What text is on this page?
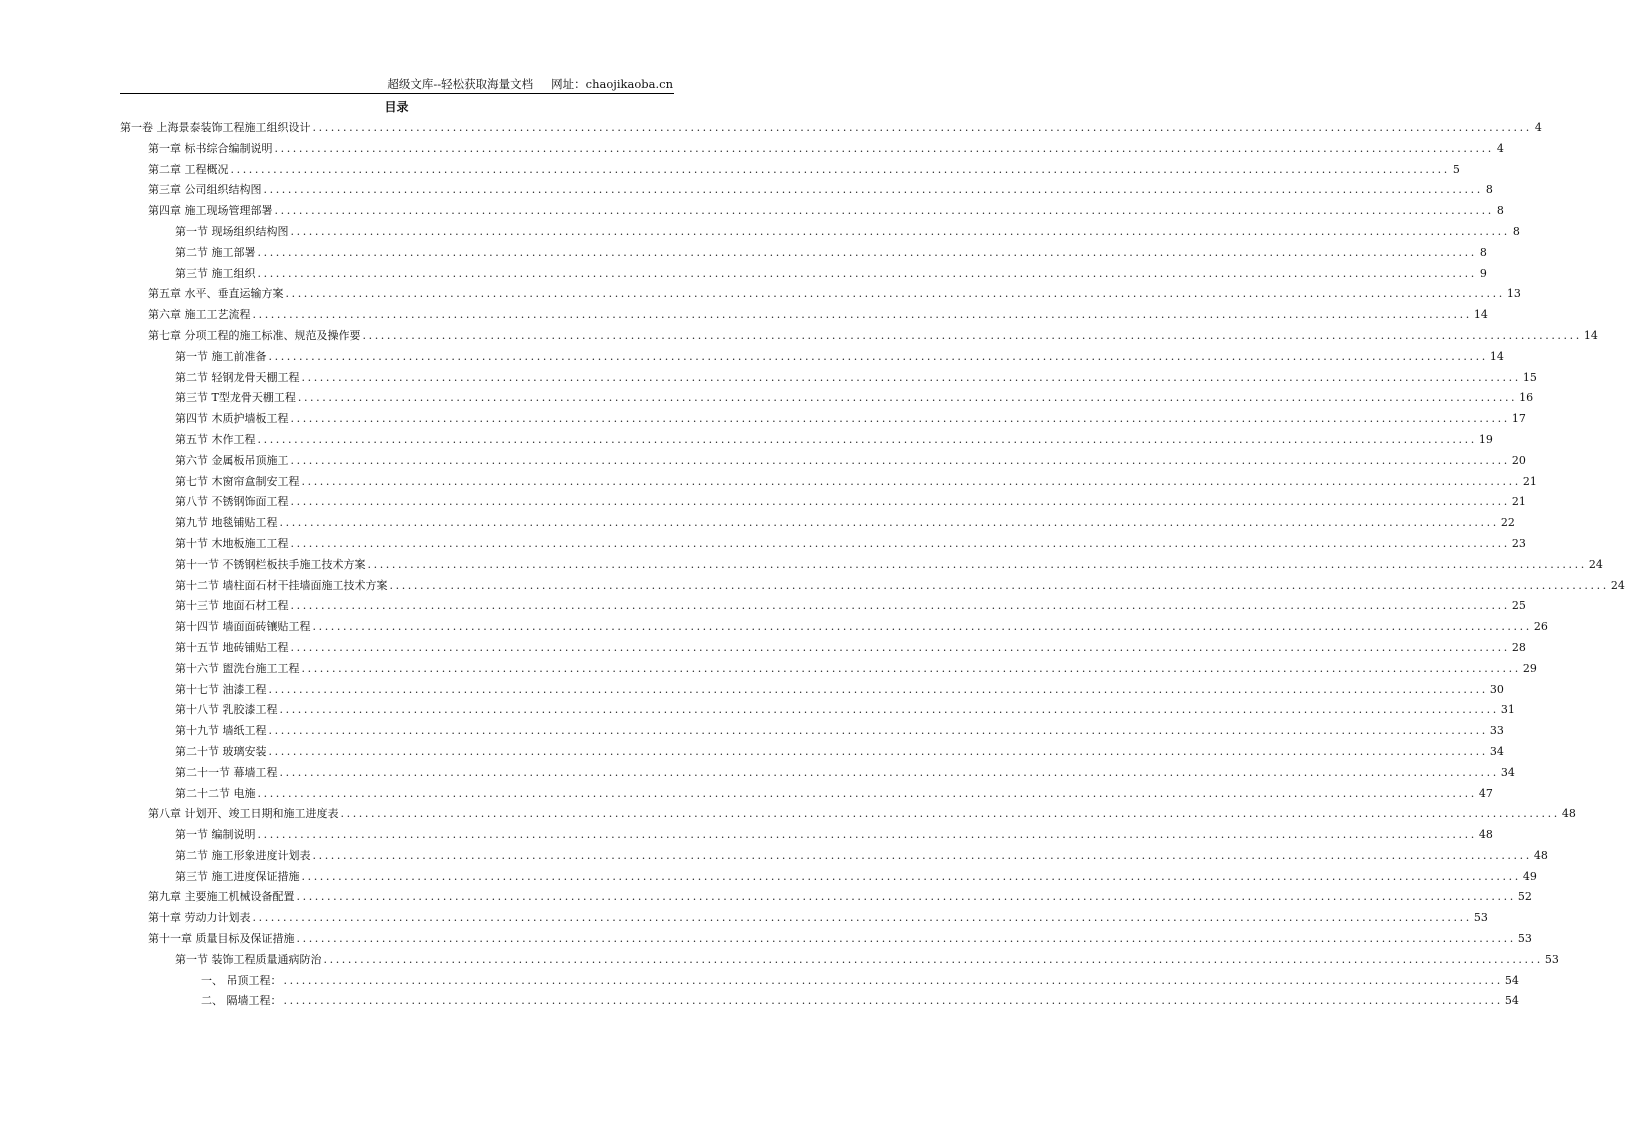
超级文库--轻松获取海量文档 网址：chaojikaoba.cn
目录
第一卷 上海景泰装饰工程施工组织设计 ........................................................................................................................................................................................................ 4
第一章 标书综合编制说明 ........................................................................................................................................................................................................ 4
第二章 工程概况 ........................................................................................................................................................................................................ 5
第三章 公司组织结构图 ........................................................................................................................................................................................................ 8
第四章 施工现场管理部署 ........................................................................................................................................................................................................ 8
第一节 现场组织结构图 ........................................................................................................................................................................................................ 8
第二节 施工部署 ........................................................................................................................................................................................................ 8
第三节 施工组织 ........................................................................................................................................................................................................ 9
第五章 水平、垂直运输方案 ........................................................................................................................................................................................................ 13
第六章 施工工艺流程 ........................................................................................................................................................................................................ 14
第七章 分项工程的施工标准、规范及操作要 ........................................................................................................................................................................................................ 14
第一节 施工前准备 ........................................................................................................................................................................................................ 14
第二节 轻钢龙骨天棚工程 ........................................................................................................................................................................................................ 15
第三节 T型龙骨天棚工程 ........................................................................................................................................................................................................ 16
第四节 木质护墙板工程 ........................................................................................................................................................................................................ 17
第五节 木作工程 ........................................................................................................................................................................................................ 19
第六节 金属板吊顶施工 ........................................................................................................................................................................................................ 20
第七节 木窗帘盒制安工程 ........................................................................................................................................................................................................ 21
第八节 不锈钢饰面工程 ........................................................................................................................................................................................................ 21
第九节 地毯铺贴工程 ........................................................................................................................................................................................................ 22
第十节 木地板施工工程 ........................................................................................................................................................................................................ 23
第十一节 不锈钢栏板扶手施工技术方案 ........................................................................................................................................................................................................ 24
第十二节 墙柱面石材干挂墙面施工技术方案 ........................................................................................................................................................................................................ 24
第十三节 地面石材工程 ........................................................................................................................................................................................................ 25
第十四节 墙面面砖镶贴工程 ........................................................................................................................................................................................................ 26
第十五节 地砖铺贴工程 ........................................................................................................................................................................................................ 28
第十六节 盥洗台施工工程 ........................................................................................................................................................................................................ 29
第十七节 油漆工程 ........................................................................................................................................................................................................ 30
第十八节 乳胶漆工程 ........................................................................................................................................................................................................ 31
第十九节 墙纸工程 ........................................................................................................................................................................................................ 33
第二十节 玻璃安装 ........................................................................................................................................................................................................ 34
第二十一节 幕墙工程 ........................................................................................................................................................................................................ 34
第二十二节 电施 ........................................................................................................................................................................................................ 47
第八章 计划开、竣工日期和施工进度表 ........................................................................................................................................................................................................ 48
第一节 编制说明 ........................................................................................................................................................................................................ 48
第二节 施工形象进度计划表 ........................................................................................................................................................................................................ 48
第三节 施工进度保证措施 ........................................................................................................................................................................................................ 49
第九章 主要施工机械设备配置 ........................................................................................................................................................................................................ 52
第十章 劳动力计划表 ........................................................................................................................................................................................................ 53
第十一章 质量目标及保证措施 ........................................................................................................................................................................................................ 53
第一节 装饰工程质量通病防治 ........................................................................................................................................................................................................ 53
一、 吊顶工程： ........................................................................................................................................................................................................ 54
二、 隔墙工程： ........................................................................................................................................................................................................ 54
